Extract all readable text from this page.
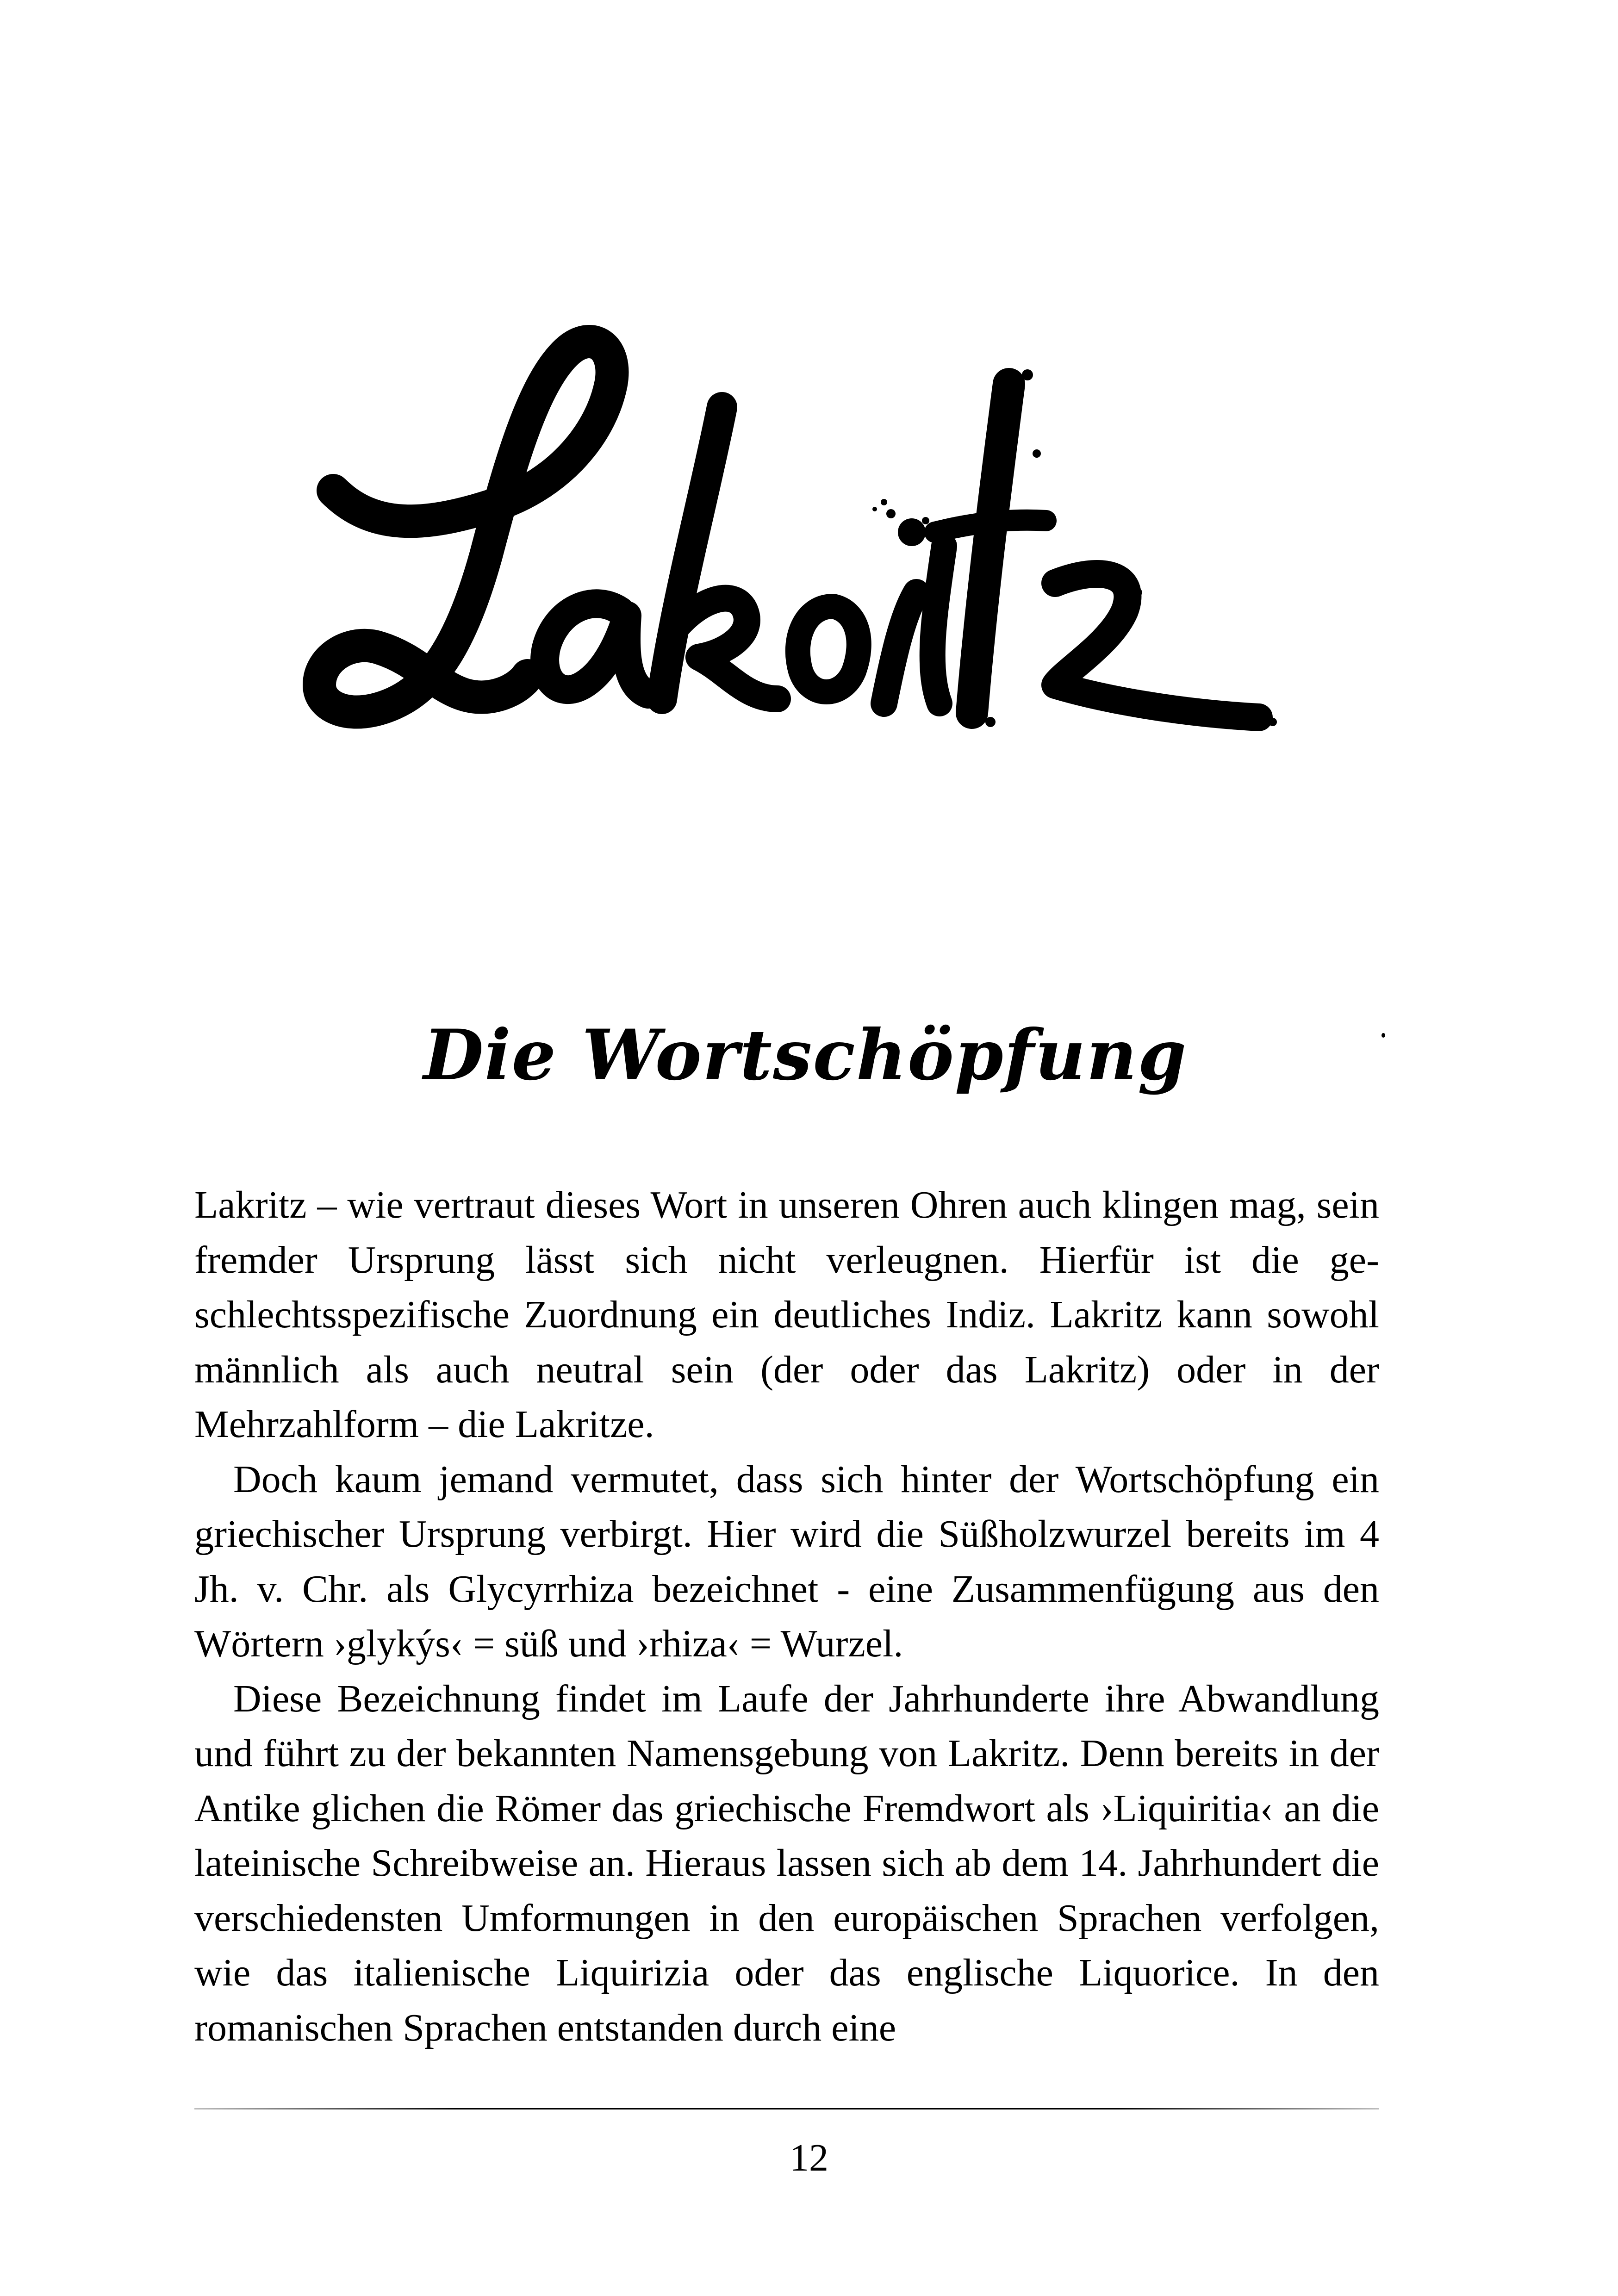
Die Wortschöpfung

Lakritz – wie vertraut dieses Wort in unseren Ohren auch klingen mag, sein fremder Ursprung lässt sich nicht verleugnen. Hierfür ist die geschlechtsspezifische Zuordnung ein deutliches Indiz. Lakritz kann sowohl männlich als auch neutral sein (der oder das Lakritz) oder in der Mehrzahlform – die Lakritze.

Doch kaum jemand vermutet, dass sich hinter der Wortschöpfung ein griechischer Ursprung verbirgt. Hier wird die Süßholzwurzel bereits im 4 Jh. v. Chr. als Glycyrrhiza bezeichnet - eine Zusammenfügung aus den Wörtern ›glykýs‹ = süß und ›rhiza‹ = Wurzel.

Diese Bezeichnung findet im Laufe der Jahrhunderte ihre Abwandlung und führt zu der bekannten Namensgebung von Lakritz. Denn bereits in der Antike glichen die Römer das griechische Fremdwort als ›Liquiritia‹ an die lateinische Schreibweise an. Hieraus lassen sich ab dem 14. Jahrhundert die verschiedensten Umformungen in den europäischen Sprachen verfolgen, wie das italienische Liquirizia oder das englische Liquorice. In den romanischen Sprachen entstanden durch eine

12
